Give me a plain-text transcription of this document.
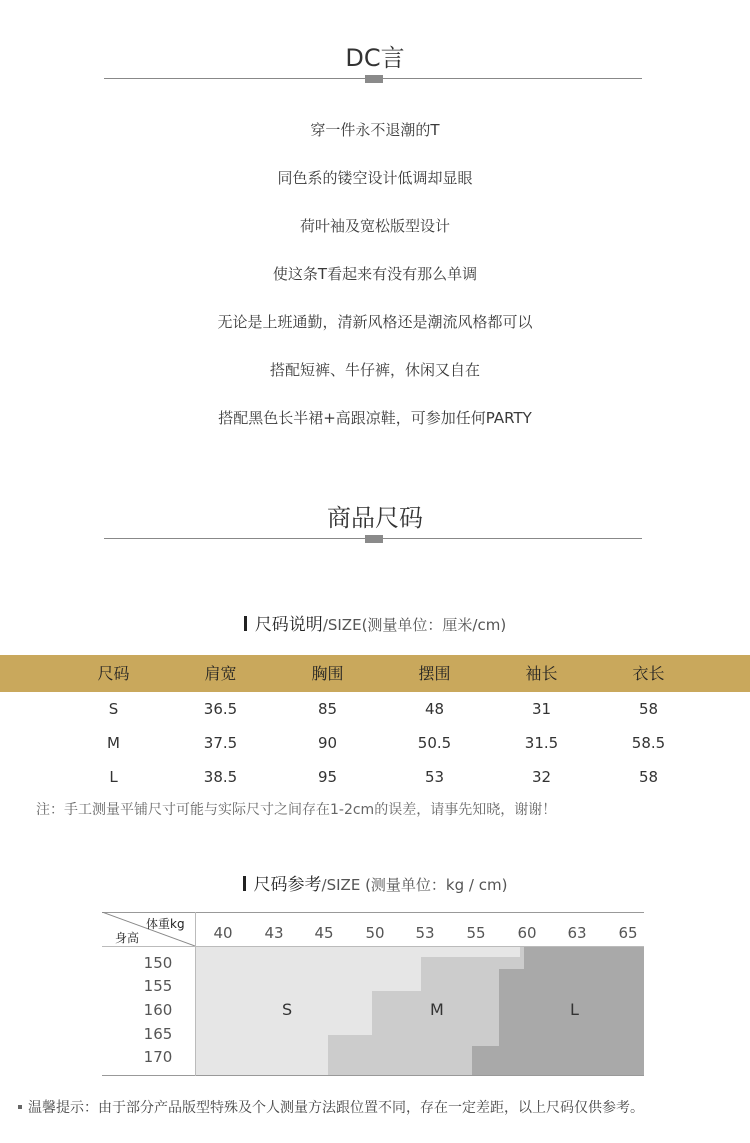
DC言
穿一件永不退潮的T
同色系的镂空设计低调却显眼
荷叶袖及宽松版型设计
使这条T看起来有没有那么单调
无论是上班通勤，清新风格还是潮流风格都可以
搭配短裤、牛仔裤，休闲又自在
搭配黑色长半裙+高跟凉鞋，可参加任何PARTY
商品尺码
尺码说明/SIZE(测量单位：厘米/cm)
尺码	肩宽	胸围	摆围	袖长	衣长
S	36.5	85	48	31	58
M	37.5	90	50.5	31.5	58.5
L	38.5	95	53	32	58
注：手工测量平铺尺寸可能与实际尺寸之间存在1-2cm的误差，请事先知晓，谢谢！
尺码参考/SIZE (测量单位：kg / cm)
体重kg
身高	40	43	45	50	53	55	60	63	65
150
155
160
165
170
S	M	L
温馨提示：由于部分产品版型特殊及个人测量方法跟位置不同，存在一定差距，以上尺码仅供参考。
